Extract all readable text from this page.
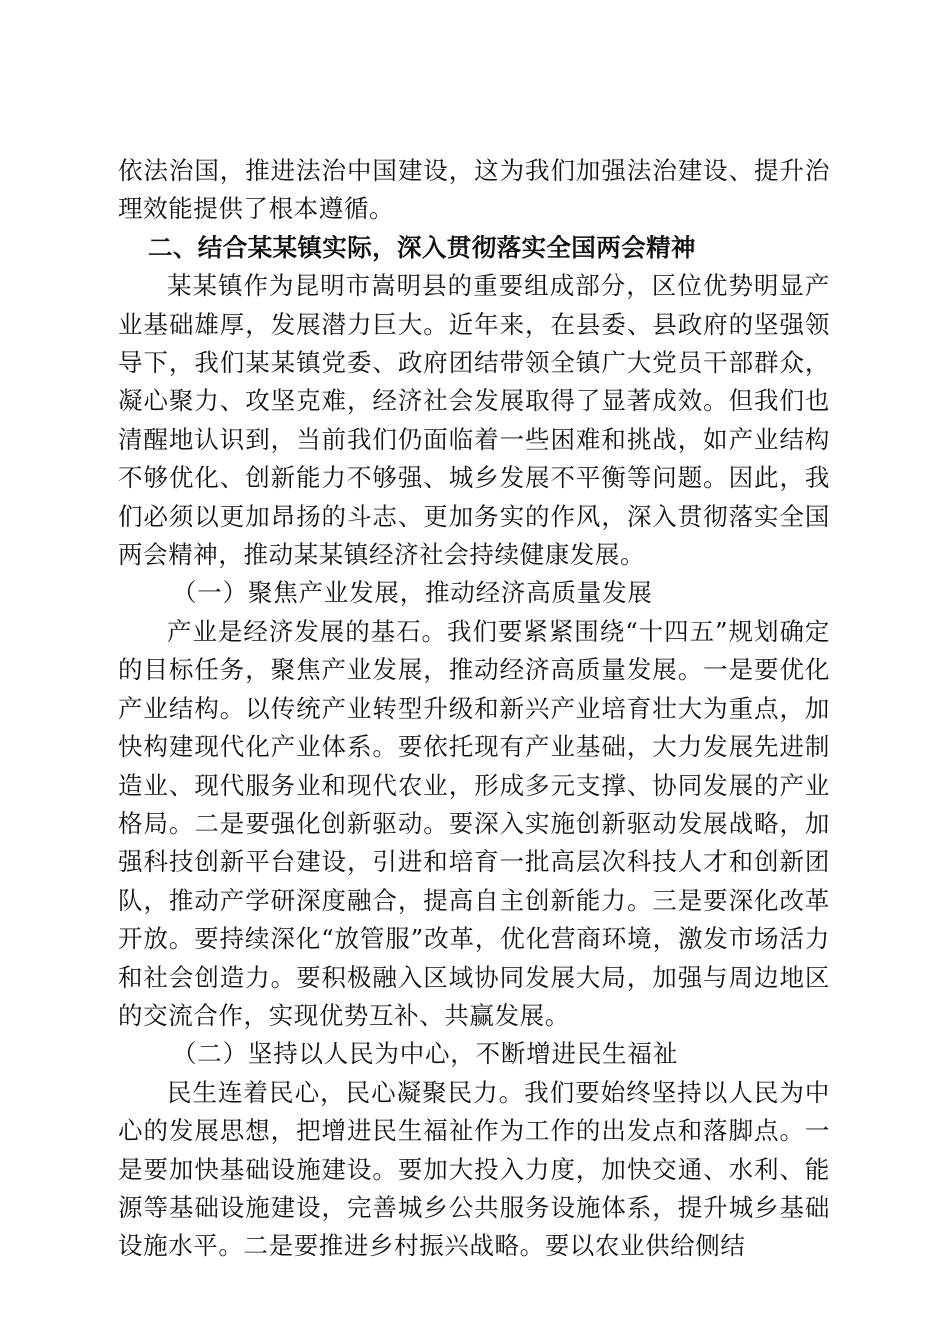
依法治国，推进法治中国建设，这为我们加强法治建设、提升治理效能提供了根本遵循。

二、结合某某镇实际，深入贯彻落实全国两会精神

某某镇作为昆明市嵩明县的重要组成部分，区位优势明显产业基础雄厚，发展潜力巨大。近年来，在县委、县政府的坚强领导下，我们某某镇党委、政府团结带领全镇广大党员干部群众，凝心聚力、攻坚克难，经济社会发展取得了显著成效。但我们也清醒地认识到，当前我们仍面临着一些困难和挑战，如产业结构不够优化、创新能力不够强、城乡发展不平衡等问题。因此，我们必须以更加昂扬的斗志、更加务实的作风，深入贯彻落实全国两会精神，推动某某镇经济社会持续健康发展。

（一）聚焦产业发展，推动经济高质量发展

产业是经济发展的基石。我们要紧紧围绕“十四五”规划确定的目标任务，聚焦产业发展，推动经济高质量发展。一是要优化产业结构。以传统产业转型升级和新兴产业培育壮大为重点，加快构建现代化产业体系。要依托现有产业基础，大力发展先进制造业、现代服务业和现代农业，形成多元支撑、协同发展的产业格局。二是要强化创新驱动。要深入实施创新驱动发展战略，加强科技创新平台建设，引进和培育一批高层次科技人才和创新团队，推动产学研深度融合，提高自主创新能力。三是要深化改革开放。要持续深化“放管服”改革，优化营商环境，激发市场活力和社会创造力。要积极融入区域协同发展大局，加强与周边地区的交流合作，实现优势互补、共赢发展。

（二）坚持以人民为中心，不断增进民生福祉

民生连着民心，民心凝聚民力。我们要始终坚持以人民为中心的发展思想，把增进民生福祉作为工作的出发点和落脚点。一是要加快基础设施建设。要加大投入力度，加快交通、水利、能源等基础设施建设，完善城乡公共服务设施体系，提升城乡基础设施水平。二是要推进乡村振兴战略。要以农业供给侧结
